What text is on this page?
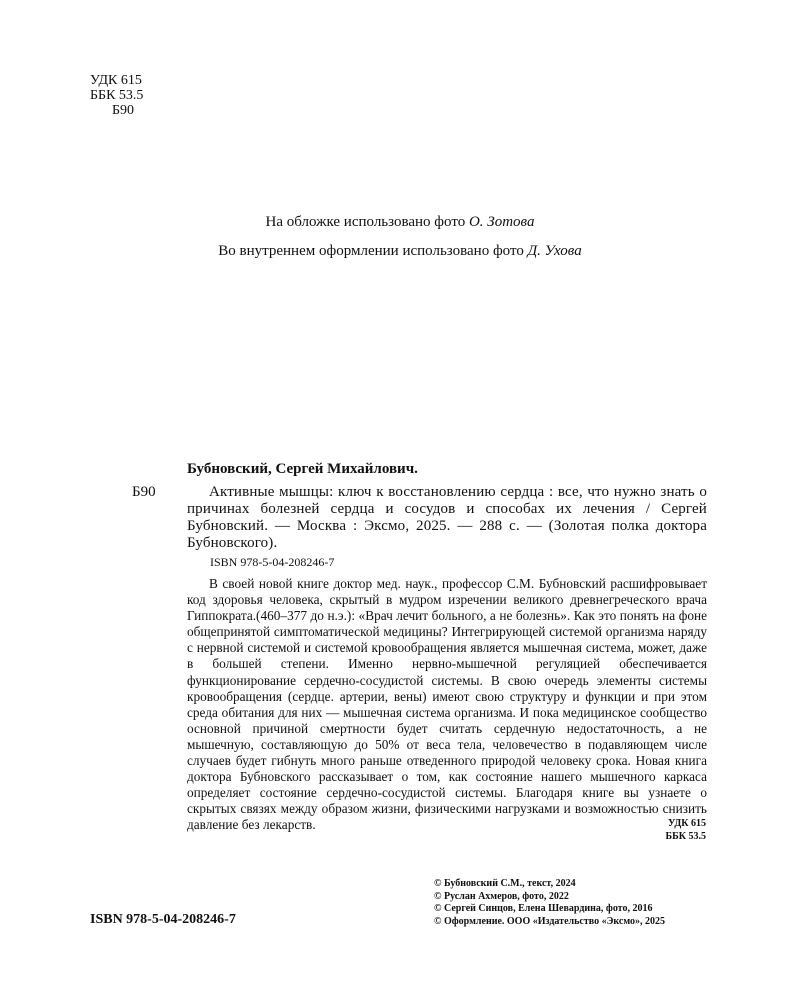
УДК 615
ББК 53.5
Б90
На обложке использовано фото О. Зотова
Во внутреннем оформлении использовано фото Д. Ухова
Бубновский, Сергей Михайлович.
Б90	Активные мышцы: ключ к восстановлению сердца : все, что нужно знать о причинах болезней сердца и сосудов и способах их лечения / Сергей Бубновский. — Москва : Эксмо, 2025. — 288 с. — (Золотая полка доктора Бубновского).
ISBN 978-5-04-208246-7
В своей новой книге доктор мед. наук., профессор С.М. Бубновский расшифровывает код здоровья человека, скрытый в мудром изречении великого древнегреческого врача Гиппократа.(460–377 до н.э.): «Врач лечит больного, а не болезнь». Как это понять на фоне общепринятой симптоматической медицины? Интегрирующей системой организма наряду с нервной системой и системой кровообращения является мышечная система, может, даже в большей степени. Именно нервно-мышечной регуляцией обеспечивается функционирование сердечно-сосудистой системы. В свою очередь элементы системы кровообращения (сердце. артерии, вены) имеют свою структуру и функции и при этом среда обитания для них — мышечная система организма. И пока медицинское сообщество основной причиной смертности будет считать сердечную недостаточность, а не мышечную, составляющую до 50% от веса тела, человечество в подавляющем числе случаев будет гибнуть много раньше отведенного природой человеку срока. Новая книга доктора Бубновского рассказывает о том, как состояние нашего мышечного каркаса определяет состояние сердечно-сосудистой системы. Благодаря книге вы узнаете о скрытых связях между образом жизни, физическими нагрузками и возможностью снизить давление без лекарств.	УДК 615
ББК 53.5
ISBN 978-5-04-208246-7
© Бубновский С.М., текст, 2024
© Руслан Ахмеров, фото, 2022
© Сергей Синцов, Елена Шевардина, фото, 2016
© Оформление. ООО «Издательство «Эксмо», 2025
